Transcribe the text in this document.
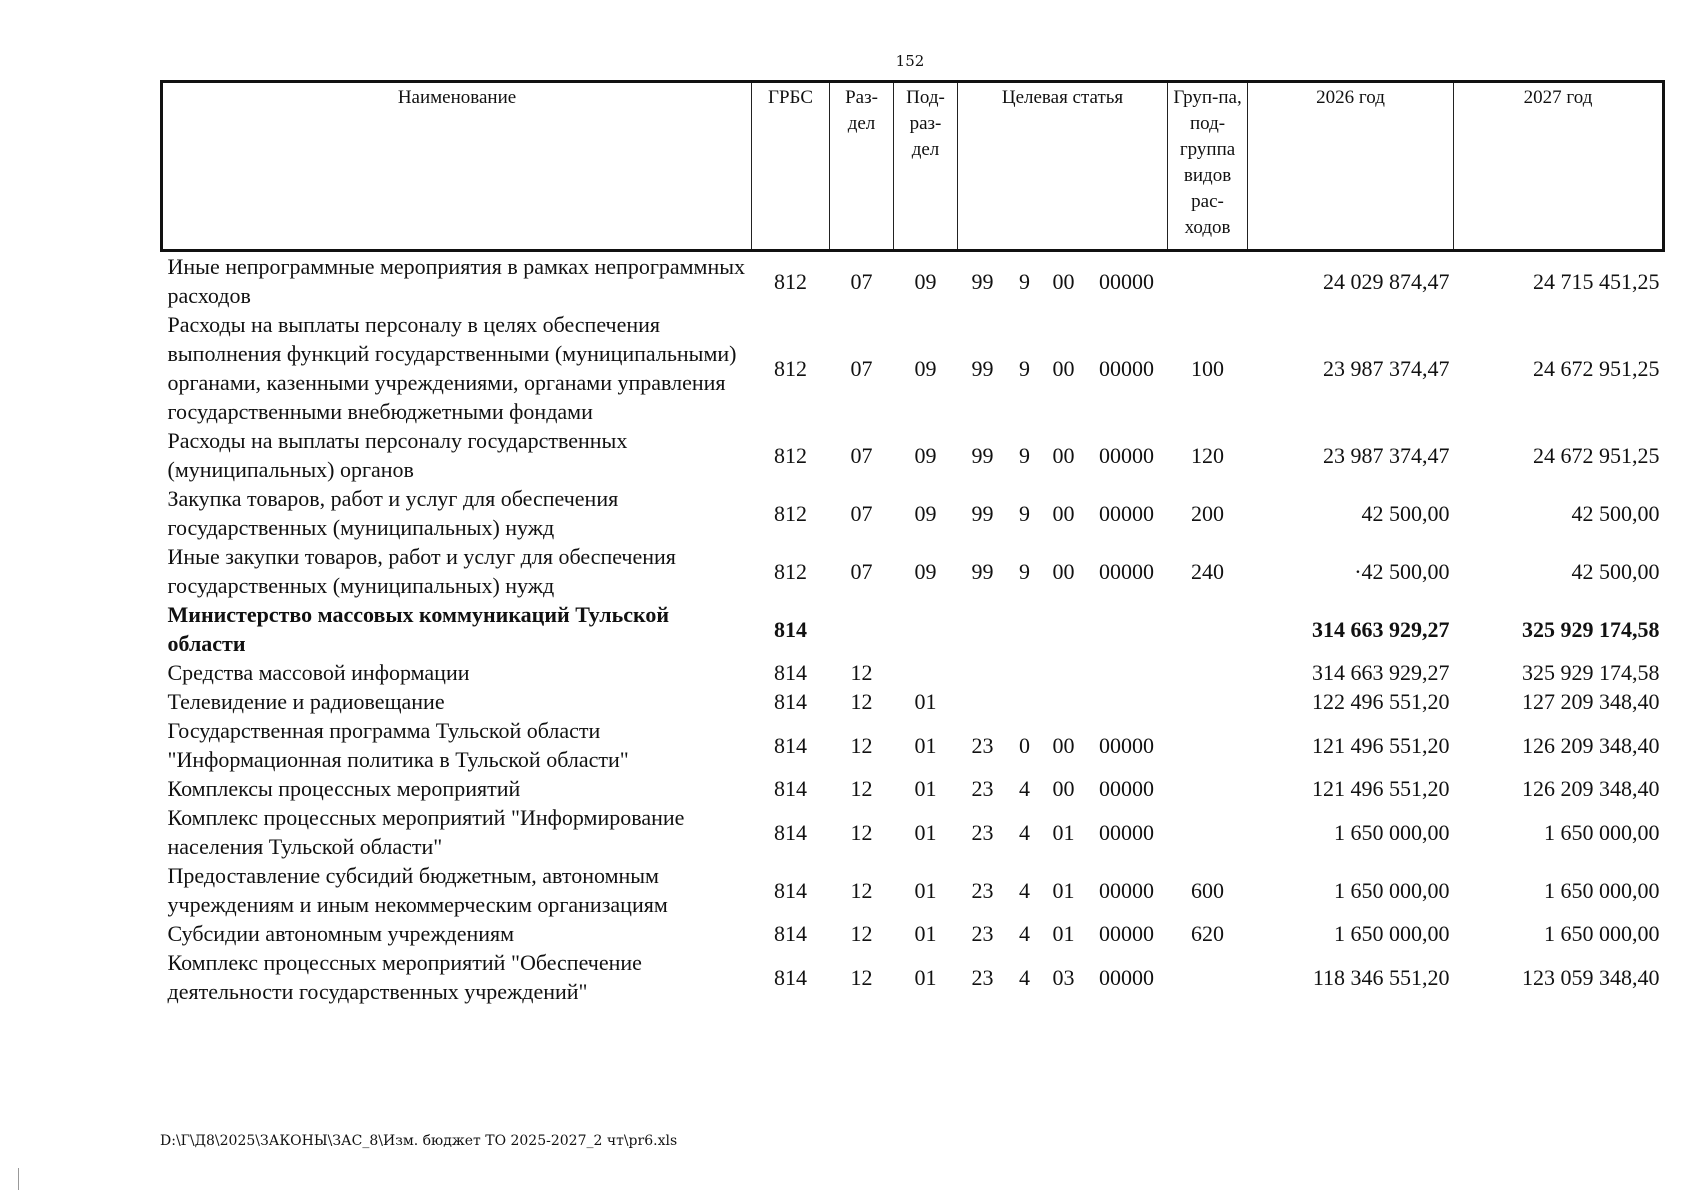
152
Наименование	ГРБС	Раз-дел	Под-раз-дел	Целевая статья				Груп-па, под-группа видов рас-ходов	2026 год	2027 год
Иные непрограммные мероприятия в рамках непрограммных расходов	812	07	09	99	9	00	00000		24 029 874,47	24 715 451,25
Расходы на выплаты персоналу в целях обеспечения выполнения функций государственными (муниципальными) органами, казенными учреждениями, органами управления государственными внебюджетными фондами	812	07	09	99	9	00	00000	100	23 987 374,47	24 672 951,25
Расходы на выплаты персоналу государственных (муниципальных) органов	812	07	09	99	9	00	00000	120	23 987 374,47	24 672 951,25
Закупка товаров, работ и услуг для обеспечения государственных (муниципальных) нужд	812	07	09	99	9	00	00000	200	42 500,00	42 500,00
Иные закупки товаров, работ и услуг для обеспечения государственных (муниципальных) нужд	812	07	09	99	9	00	00000	240	·42 500,00	42 500,00
Министерство массовых коммуникаций Тульской области	814								314 663 929,27	325 929 174,58
Средства массовой информации	814	12							314 663 929,27	325 929 174,58
Телевидение и радиовещание	814	12	01						122 496 551,20	127 209 348,40
Государственная программа Тульской области "Информационная политика в Тульской области"	814	12	01	23	0	00	00000		121 496 551,20	126 209 348,40
Комплексы процессных мероприятий	814	12	01	23	4	00	00000		121 496 551,20	126 209 348,40
Комплекс процессных мероприятий "Информирование населения Тульской области"	814	12	01	23	4	01	00000		1 650 000,00	1 650 000,00
Предоставление субсидий бюджетным, автономным учреждениям и иным некоммерческим организациям	814	12	01	23	4	01	00000	600	1 650 000,00	1 650 000,00
Субсидии автономным учреждениям	814	12	01	23	4	01	00000	620	1 650 000,00	1 650 000,00
Комплекс процессных мероприятий "Обеспечение деятельности государственных учреждений"	814	12	01	23	4	03	00000		118 346 551,20	123 059 348,40
D:\Г\Д8\2025\ЗАКОНЫ\ЗАС_8\Изм. бюджет ТО 2025-2027_2 чт\pr6.xls
